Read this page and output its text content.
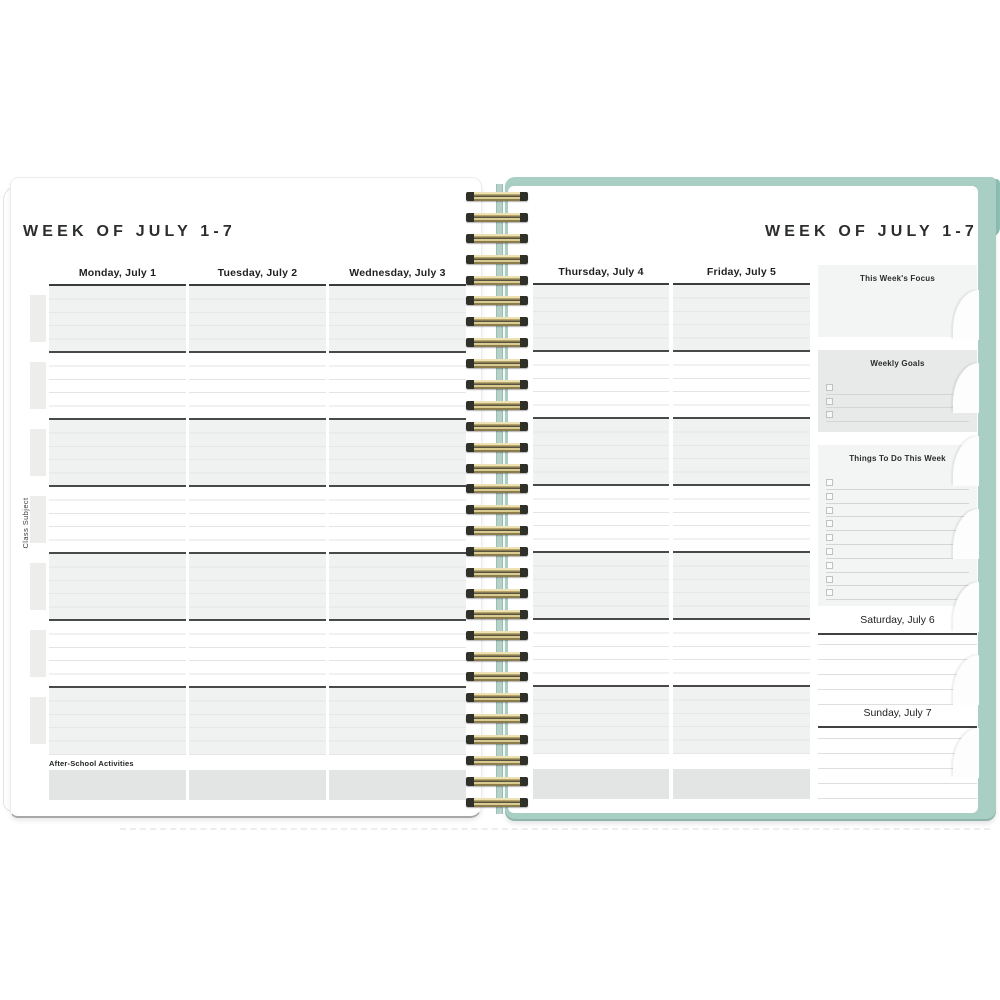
WEEK OF JULY 1-7
Class Subject
Monday, July 1	Tuesday, July 2	Wednesday, July 3
After-School Activities
WEEK OF JULY 1-7
Thursday, July 4	Friday, July 5
This Week's Focus
Weekly Goals
Things To Do This Week
Saturday, July 6
Sunday, July 7
